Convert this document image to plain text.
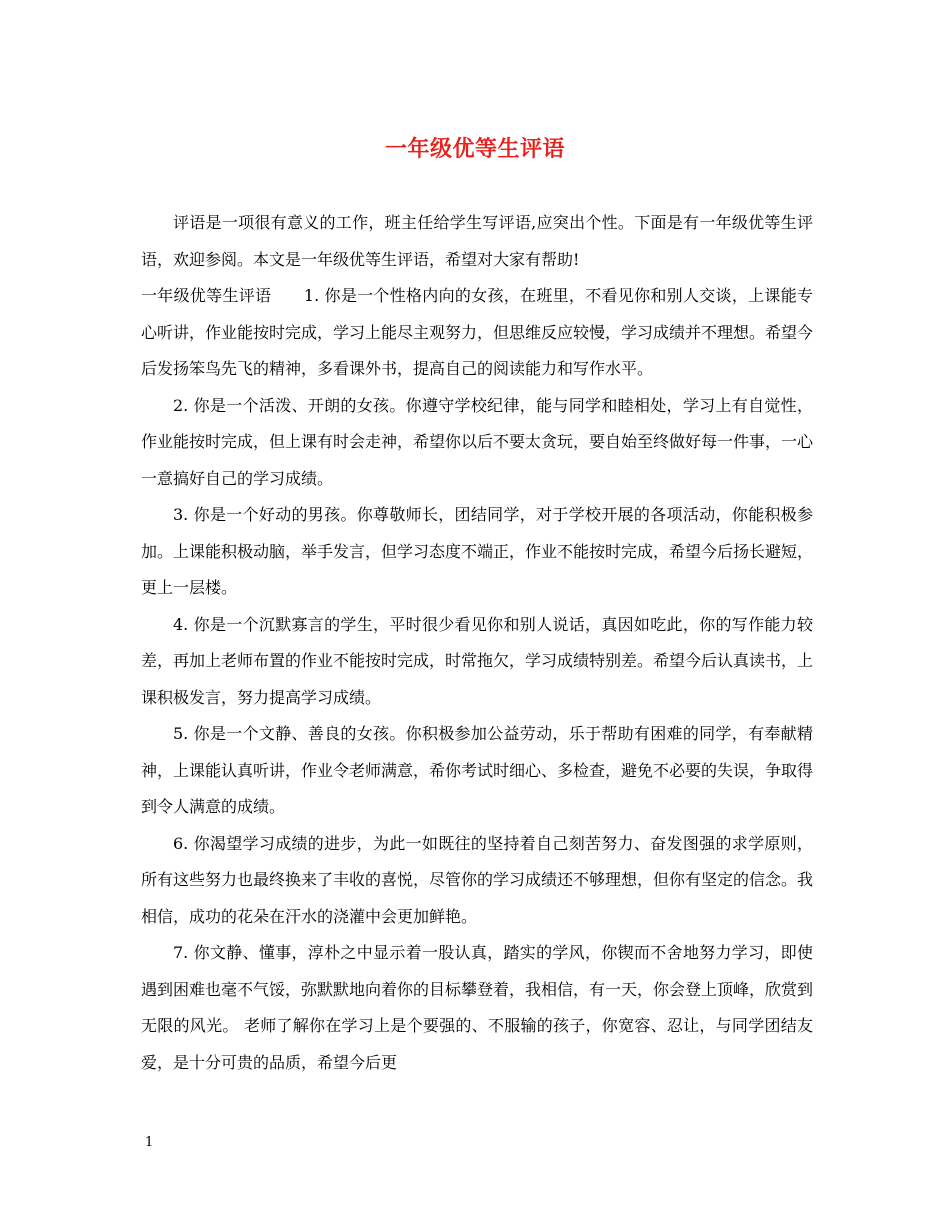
一年级优等生评语

评语是一项很有意义的工作，班主任给学生写评语,应突出个性。下面是有一年级优等生评语，欢迎参阅。本文是一年级优等生评语，希望对大家有帮助!

一年级优等生评语　　1. 你是一个性格内向的女孩，在班里，不看见你和别人交谈，上课能专心听讲，作业能按时完成，学习上能尽主观努力，但思维反应较慢，学习成绩并不理想。希望今后发扬笨鸟先飞的精神，多看课外书，提高自己的阅读能力和写作水平。

2. 你是一个活泼、开朗的女孩。你遵守学校纪律，能与同学和睦相处，学习上有自觉性，作业能按时完成，但上课有时会走神，希望你以后不要太贪玩，要自始至终做好每一件事，一心一意搞好自己的学习成绩。

3. 你是一个好动的男孩。你尊敬师长，团结同学，对于学校开展的各项活动，你能积极参加。上课能积极动脑，举手发言，但学习态度不端正，作业不能按时完成，希望今后扬长避短，更上一层楼。

4. 你是一个沉默寡言的学生，平时很少看见你和别人说话，真因如吃此，你的写作能力较差，再加上老师布置的作业不能按时完成，时常拖欠，学习成绩特别差。希望今后认真读书，上课积极发言，努力提高学习成绩。

5. 你是一个文静、善良的女孩。你积极参加公益劳动，乐于帮助有困难的同学，有奉献精神，上课能认真听讲，作业令老师满意，希你考试时细心、多检查，避免不必要的失误，争取得到令人满意的成绩。

6. 你渴望学习成绩的进步，为此一如既往的坚持着自己刻苦努力、奋发图强的求学原则，所有这些努力也最终换来了丰收的喜悦，尽管你的学习成绩还不够理想，但你有坚定的信念。我相信，成功的花朵在汗水的浇灌中会更加鲜艳。

7. 你文静、懂事，淳朴之中显示着一股认真，踏实的学风，你锲而不舍地努力学习，即使遇到困难也毫不气馁，弥默默地向着你的目标攀登着，我相信，有一天，你会登上顶峰，欣赏到无限的风光。 老师了解你在学习上是个要强的、不服输的孩子，你宽容、忍让，与同学团结友爱，是十分可贵的品质，希望今后更

1
